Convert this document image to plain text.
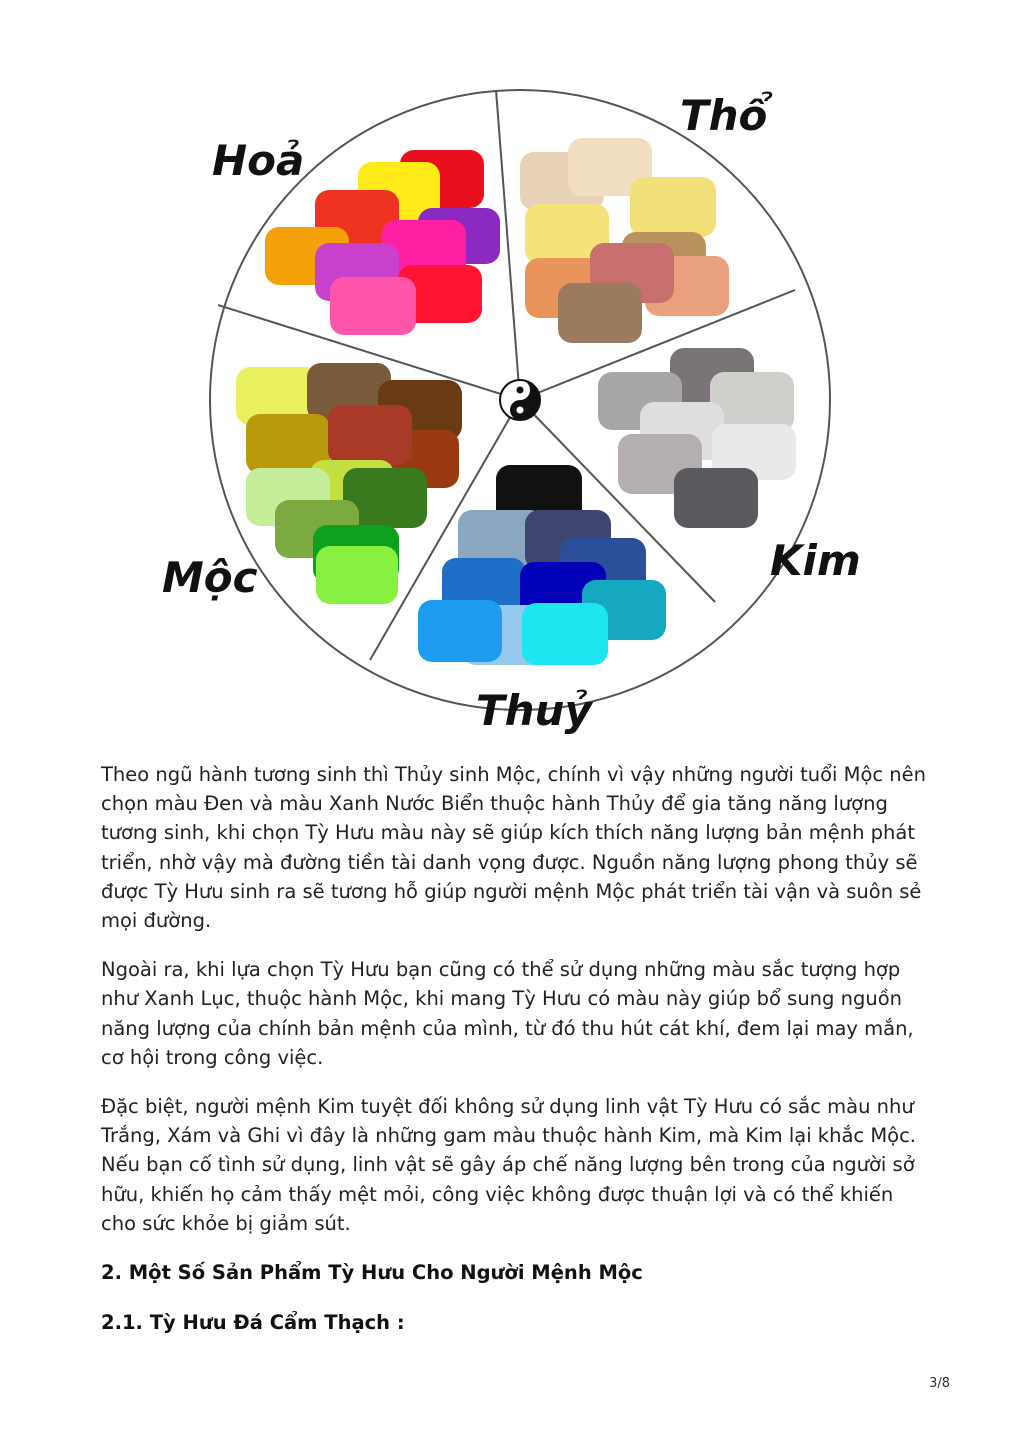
Hoả
Thổ
Kim
Thuỷ
Mộc

Theo ngũ hành tương sinh thì Thủy sinh Mộc, chính vì vậy những người tuổi Mộc nên chọn màu Đen và màu Xanh Nước Biển thuộc hành Thủy để gia tăng năng lượng tương sinh, khi chọn Tỳ Hưu màu này sẽ giúp kích thích năng lượng bản mệnh phát triển, nhờ vậy mà đường tiền tài danh vọng được. Nguồn năng lượng phong thủy sẽ được Tỳ Hưu sinh ra sẽ tương hỗ giúp người mệnh Mộc phát triển tài vận và suôn sẻ mọi đường.

Ngoài ra, khi lựa chọn Tỳ Hưu bạn cũng có thể sử dụng những màu sắc tượng hợp như Xanh Lục, thuộc hành Mộc, khi mang Tỳ Hưu có màu này giúp bổ sung nguồn năng lượng của chính bản mệnh của mình, từ đó thu hút cát khí, đem lại may mắn, cơ hội trong công việc.

Đặc biệt, người mệnh Kim tuyệt đối không sử dụng linh vật Tỳ Hưu có sắc màu như Trắng, Xám và Ghi vì đây là những gam màu thuộc hành Kim, mà Kim lại khắc Mộc. Nếu bạn cố tình sử dụng, linh vật sẽ gây áp chế năng lượng bên trong của người sở hữu, khiến họ cảm thấy mệt mỏi, công việc không được thuận lợi và có thể khiến cho sức khỏe bị giảm sút.

2. Một Số Sản Phẩm Tỳ Hưu Cho Người Mệnh Mộc

2.1. Tỳ Hưu Đá Cẩm Thạch :

3/8
